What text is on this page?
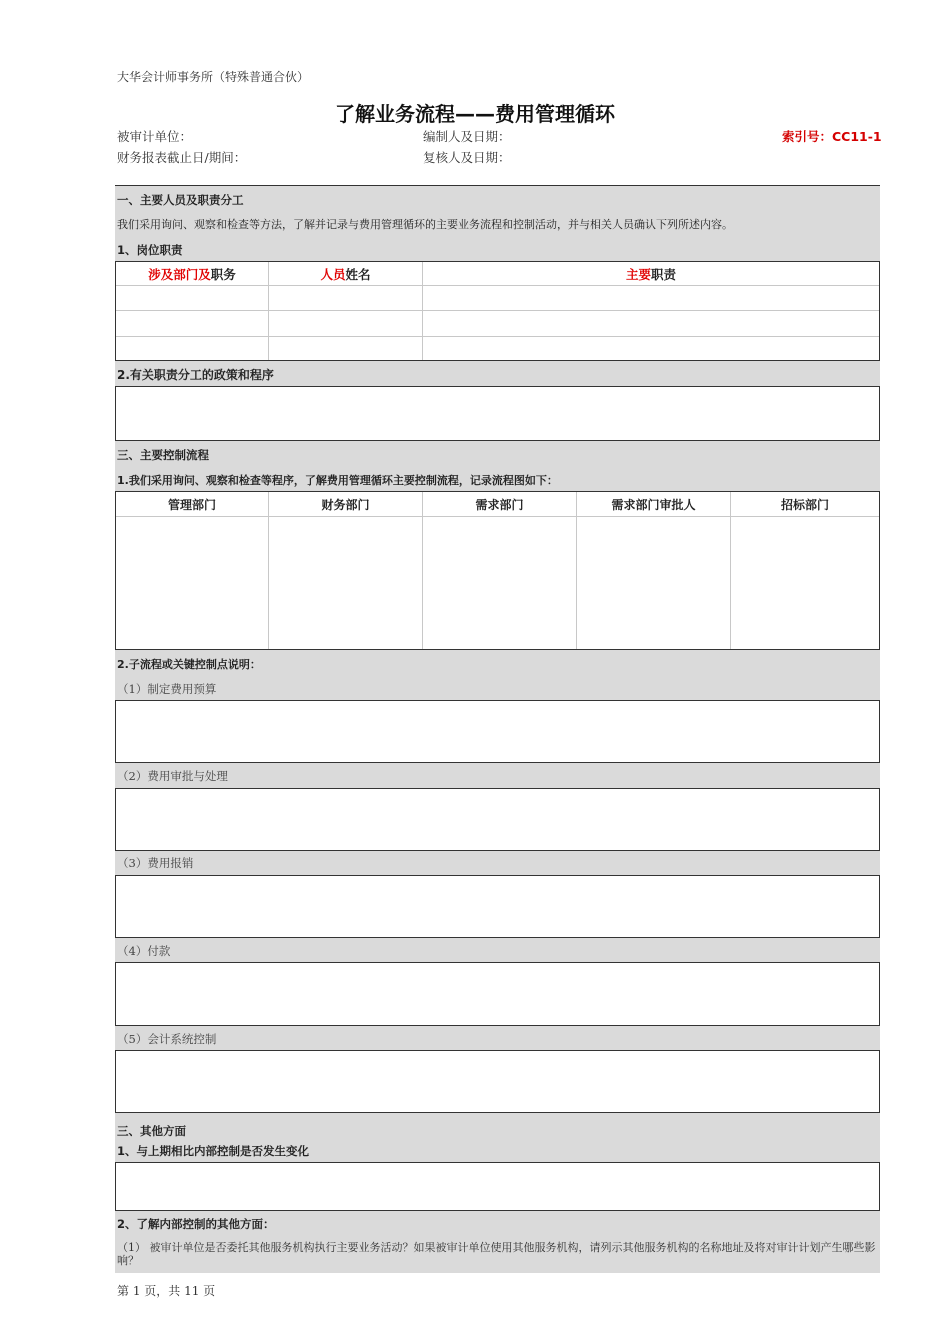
大华会计师事务所（特殊普通合伙）
了解业务流程——费用管理循环
被审计单位：
财务报表截止日/期间：
编制人及日期：
复核人及日期：
索引号：CC11-1
一、主要人员及职责分工
我们采用询问、观察和检查等方法，了解并记录与费用管理循环的主要业务流程和控制活动，并与相关人员确认下列所述内容。
1、岗位职责
涉及部门及职务	人员姓名	主要职责

2.有关职责分工的政策和程序
三、主要控制流程
1.我们采用询问、观察和检查等程序，了解费用管理循环主要控制流程，记录流程图如下：
管理部门	财务部门	需求部门	需求部门审批人	招标部门

2.子流程或关键控制点说明：
（1）制定费用预算
（2）费用审批与处理
（3）费用报销
（4）付款
（5）会计系统控制
三、其他方面
1、与上期相比内部控制是否发生变化
2、了解内部控制的其他方面：
（1） 被审计单位是否委托其他服务机构执行主要业务活动？如果被审计单位使用其他服务机构，请列示其他服务机构的名称地址及将对审计计划产生哪些影响？
第 1 页，共 11 页
